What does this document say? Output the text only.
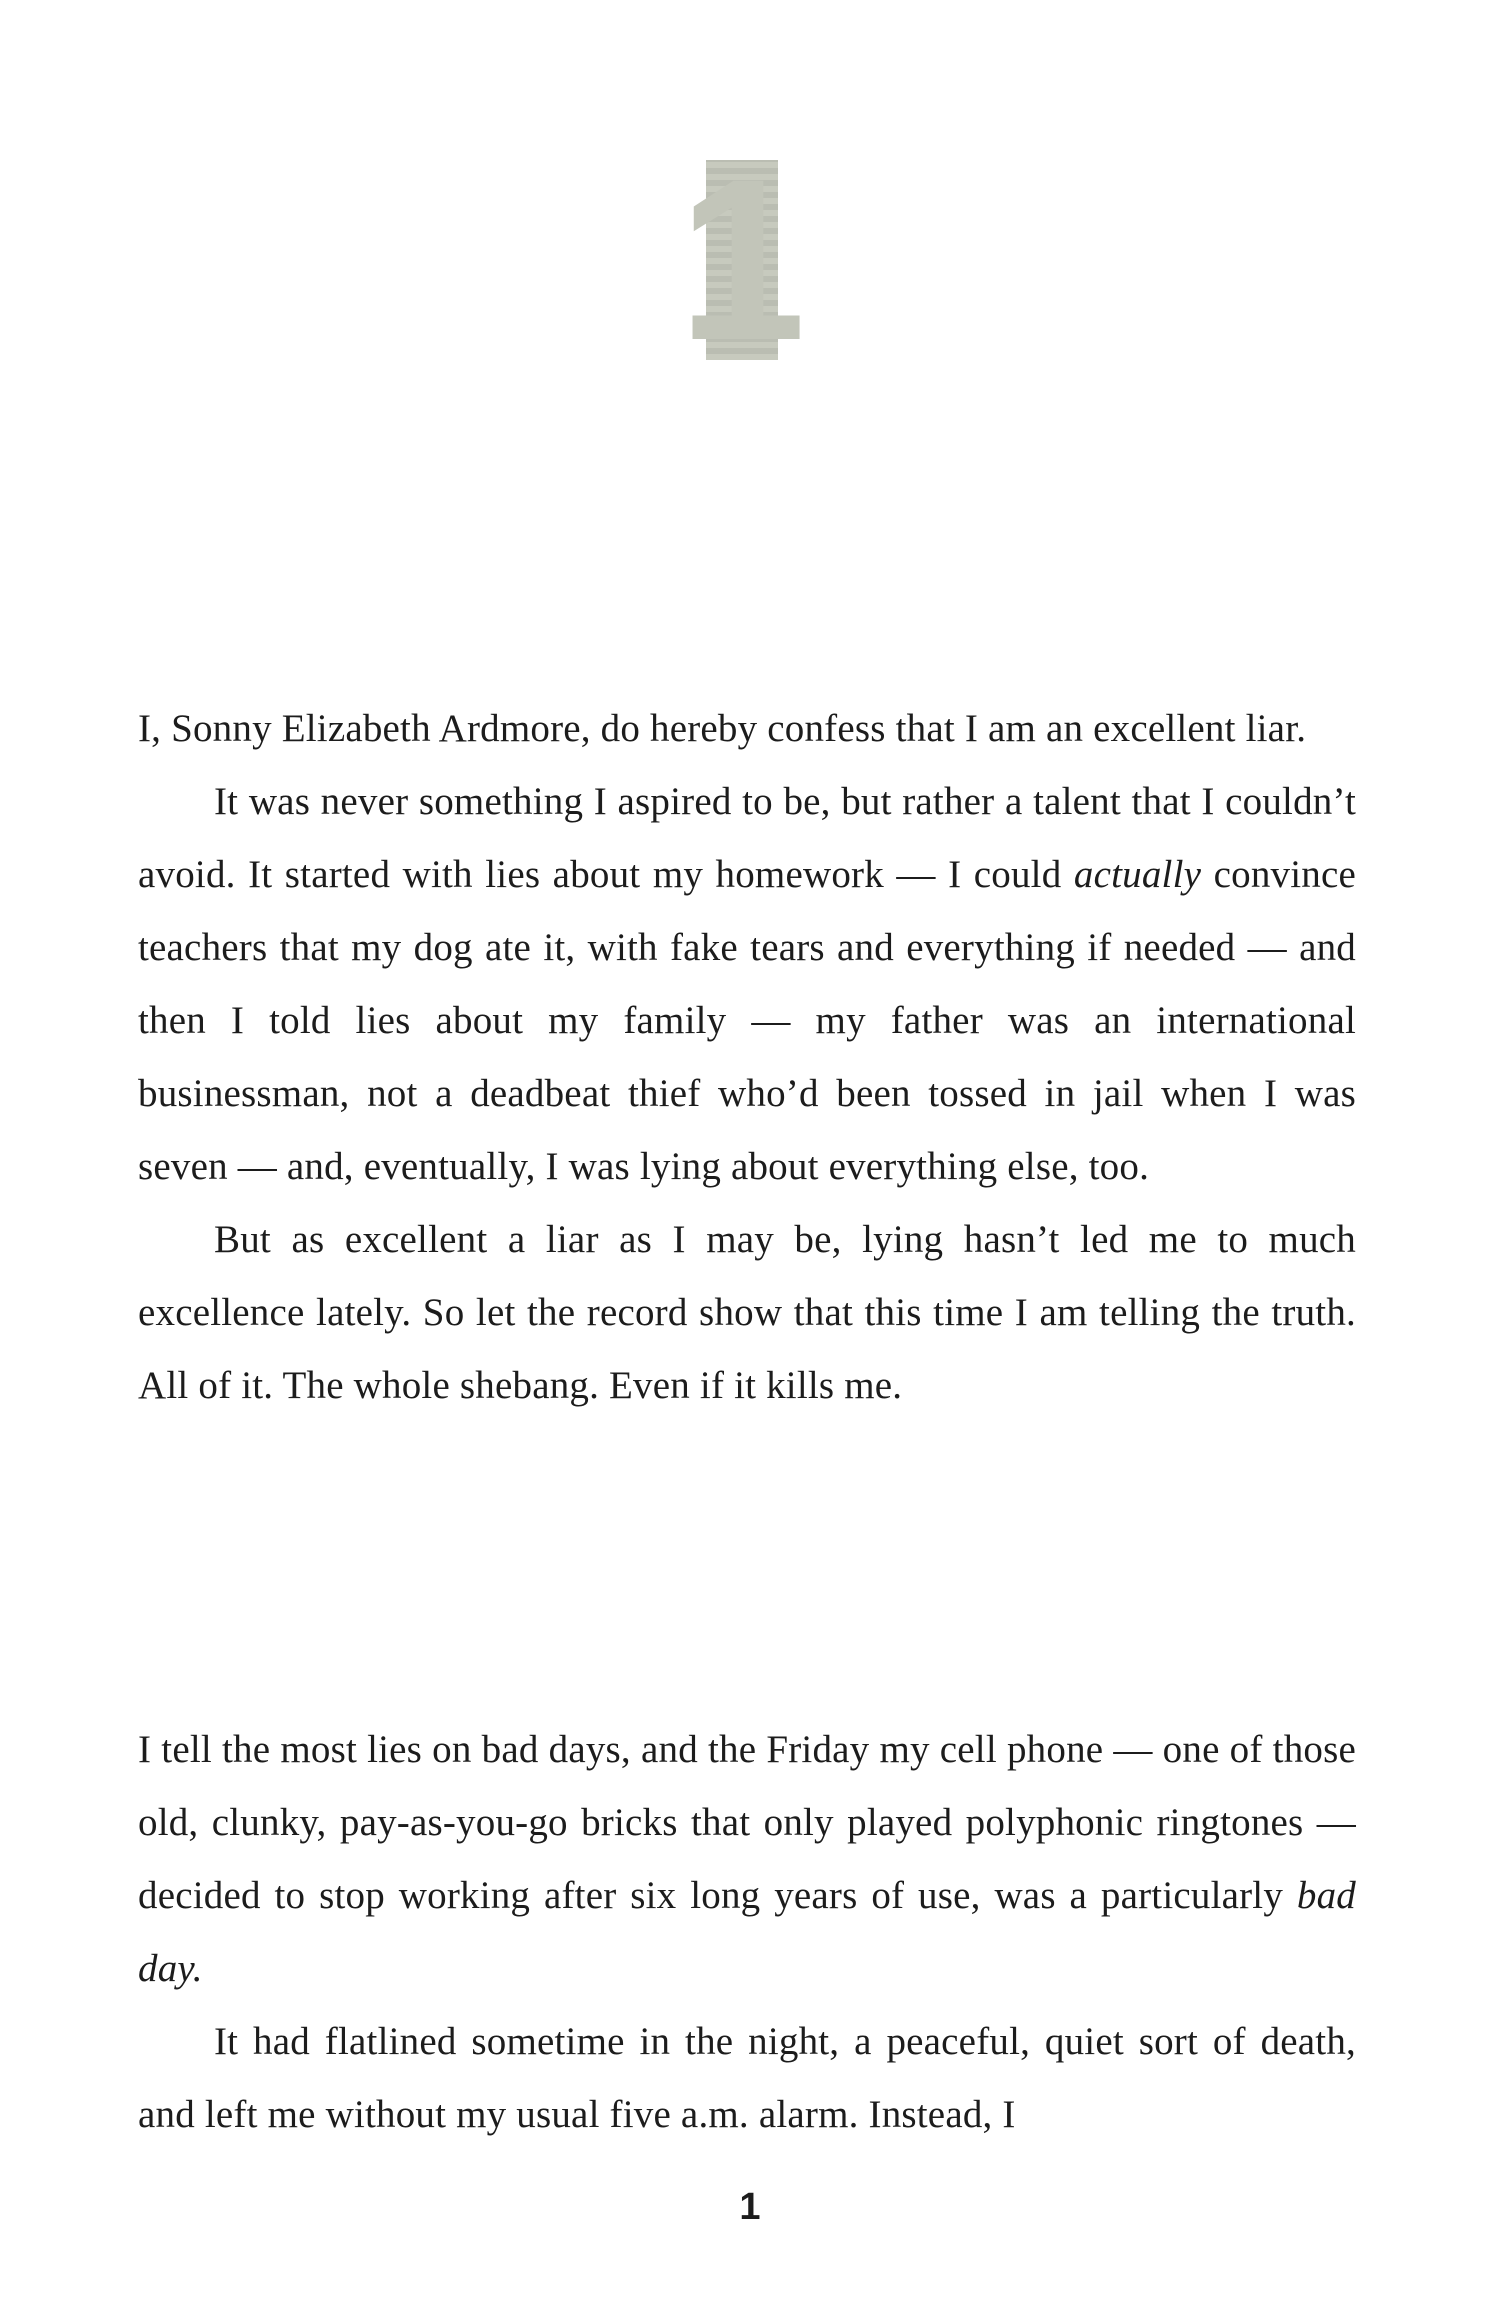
1

I, Sonny Elizabeth Ardmore, do hereby confess that I am an excellent liar.

It was never something I aspired to be, but rather a talent that I couldn’t avoid. It started with lies about my homework — I could actually convince teachers that my dog ate it, with fake tears and everything if needed — and then I told lies about my family — my father was an international businessman, not a deadbeat thief who’d been tossed in jail when I was seven — and, eventually, I was lying about everything else, too.

But as excellent a liar as I may be, lying hasn’t led me to much excellence lately. So let the record show that this time I am telling the truth. All of it. The whole shebang. Even if it kills me.

I tell the most lies on bad days, and the Friday my cell phone — one of those old, clunky, pay-as-you-go bricks that only played polyphonic ringtones — decided to stop working after six long years of use, was a particularly bad day.

It had flatlined sometime in the night, a peaceful, quiet sort of death, and left me without my usual five a.m. alarm. Instead, I

1
